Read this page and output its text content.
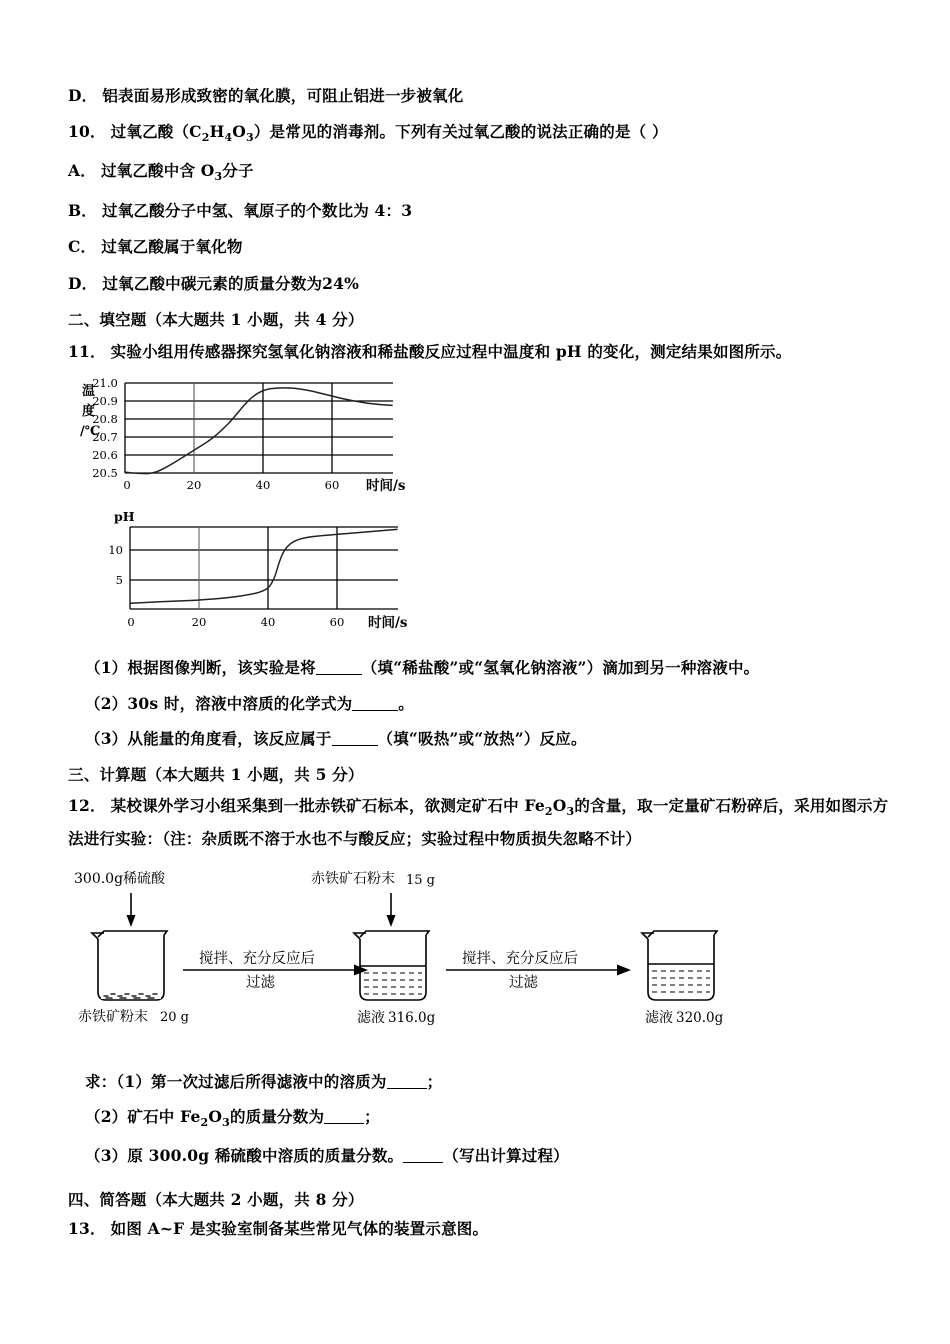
D． 铝表面易形成致密的氧化膜，可阻止铝进一步被氧化
10． 过氧乙酸$(C_2H_4O_3)$是常见的消毒剂。下列有关过氧乙酸的说法正确的是（ ）
A． 过氧乙酸中含 $O_3$分子
B． 过氧乙酸分子中氢、氧原子的个数比为 4：3
C． 过氧乙酸属于氧化物
D． 过氧乙酸中碳元素的质量分数为24%
二、填空题（本大题共 1 小题，共 4 分）
11． 实验小组用传感器探究氢氧化钠溶液和稀盐酸反应过程中温度和 pH 的变化，测定结果如图所示。
温
度
/℃
21.0
20.9
20.8
20.7
20.6
20.5
0	20	40	60 时间/s
pH
10
5
0	20	40	60 时间/s
（1）根据图像判断，该实验是将	（填“稀盐酸”或“氢氧化钠溶液”）滴加到另一种溶液中。
（2）30s 时，溶液中溶质的化学式为	。
（3）从能量的角度看，该反应属于	（填“吸热”或“放热”）反应。
三、计算题（本大题共 1 小题，共 5 分）
12． 某校课外学习小组采集到一批赤铁矿石标本，欲测定矿石中 $Fe_2O_3$的含量，取一定量矿石粉碎后，采用如图示方
法进行实验：（注：杂质既不溶于水也不与酸反应；实验过程中物质损失忽略不计）
300.0g稀硫酸
赤铁矿粉末 20 g
搅拌、充分反应后
过滤
赤铁矿石粉末 15 g
滤液 316.0g
搅拌、充分反应后
过滤
滤液 320.0g
求：（1）第一次过滤后所得滤液中的溶质为	；
（2）矿石中 $Fe_2O_3$的质量分数为	；
（3）原 300.0g 稀硫酸中溶质的质量分数。	（写出计算过程）
四、简答题（本大题共 2 小题，共 8 分）
13． 如图 A~F 是实验室制备某些常见气体的装置示意图。
